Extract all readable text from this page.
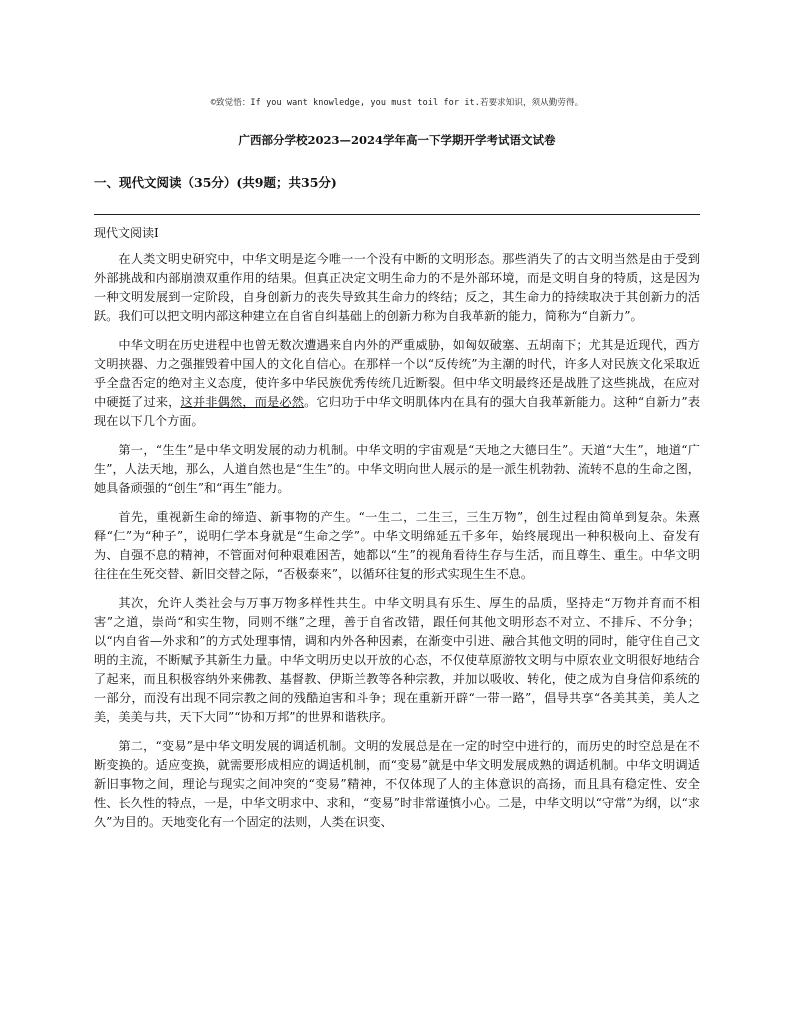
©致觉悟：If you want knowledge, you must toil for it.若要求知识，须从勤劳得。
广西部分学校2023—2024学年高一下学期开学考试语文试卷
一、现代文阅读（35分）(共9题；共35分)
现代文阅读Ⅰ

在人类文明史研究中，中华文明是迄今唯一一个没有中断的文明形态。那些消失了的古文明当然是由于受到外部挑战和内部崩溃双重作用的结果。但真正决定文明生命力的不是外部环境，而是文明自身的特质，这是因为一种文明发展到一定阶段，自身创新力的丧失导致其生命力的终结；反之，其生命力的持续取决于其创新力的活跃。我们可以把文明内部这种建立在自省自纠基础上的创新力称为自我革新的能力，简称为“自新力”。

中华文明在历史进程中也曾无数次遭遇来自内外的严重威胁，如匈奴破塞、五胡南下；尤其是近现代，西方文明挟器、力之强摧毁着中国人的文化自信心。在那样一个以“反传统”为主潮的时代，许多人对民族文化采取近乎全盘否定的绝对主义态度，使许多中华民族优秀传统几近断裂。但中华文明最终还是战胜了这些挑战，在应对中硬挺了过来，这并非偶然，而是必然。它归功于中华文明肌体内在具有的强大自我革新能力。这种“自新力”表现在以下几个方面。

第一，“生生”是中华文明发展的动力机制。中华文明的宇宙观是“天地之大德曰生”。天道“大生”，地道“广生”，人法天地，那么，人道自然也是“生生”的。中华文明向世人展示的是一派生机勃勃、流转不息的生命之图，她具备顽强的“创生”和“再生”能力。

首先，重视新生命的缔造、新事物的产生。“一生二，二生三，三生万物”，创生过程由简单到复杂。朱熹释“仁”为“种子”，说明仁学本身就是“生命之学”。中华文明绵延五千多年，始终展现出一种积极向上、奋发有为、自强不息的精神，不管面对何种艰难困苦，她都以“生”的视角看待生存与生活，而且尊生、重生。中华文明往往在生死交替、新旧交替之际，“否极泰来”，以循环往复的形式实现生生不息。

其次，允许人类社会与万事万物多样性共生。中华文明具有乐生、厚生的品质，坚持走“万物并育而不相害”之道，崇尚“和实生物，同则不继”之理，善于自省改错，跟任何其他文明形态不对立、不排斥、不分争；以“内自省—外求和”的方式处理事情，调和内外各种因素，在渐变中引进、融合其他文明的同时，能守住自己文明的主流，不断赋予其新生力量。中华文明历史以开放的心态，不仅使草原游牧文明与中原农业文明很好地结合了起来，而且积极容纳外来佛教、基督教、伊斯兰教等各种宗教，并加以吸收、转化，使之成为自身信仰系统的一部分，而没有出现不同宗教之间的残酷迫害和斗争；现在重新开辟“一带一路”，倡导共享“各美其美，美人之美，美美与共，天下大同”“协和万邦”的世界和谐秩序。

第二，“变易”是中华文明发展的调适机制。文明的发展总是在一定的时空中进行的，而历史的时空总是在不断变换的。适应变换，就需要形成相应的调适机制，而“变易”就是中华文明发展成熟的调适机制。中华文明调适新旧事物之间，理论与现实之间冲突的“变易”精神，不仅体现了人的主体意识的高扬，而且具有稳定性、安全性、长久性的特点，一是，中华文明求中、求和，“变易”时非常谨慎小心。二是，中华文明以“守常”为纲，以“求久”为目的。天地变化有一个固定的法则，人类在识变、
